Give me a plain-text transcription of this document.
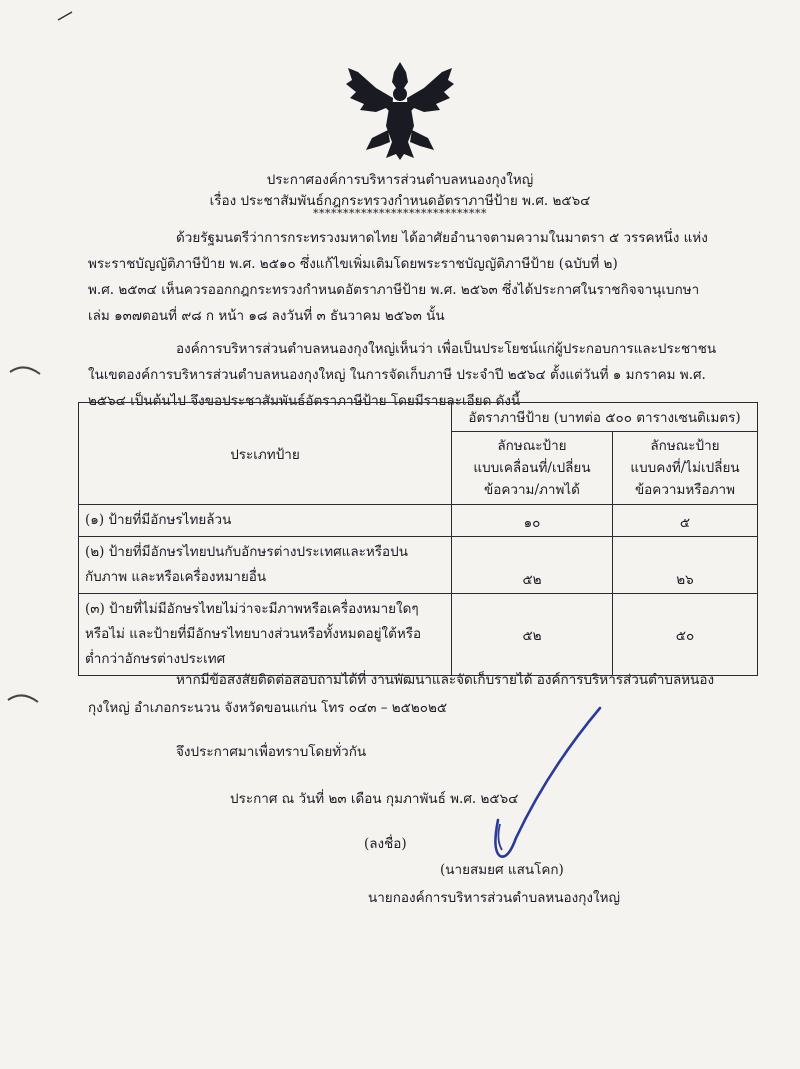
ประกาศองค์การบริหารส่วนตำบลหนองกุงใหญ่
เรื่อง ประชาสัมพันธ์กฎกระทรวงกำหนดอัตราภาษีป้าย พ.ศ. ๒๕๖๔
*****************************
ด้วยรัฐมนตรีว่าการกระทรวงมหาดไทย ได้อาศัยอำนาจตามความในมาตรา ๕ วรรคหนึ่ง แห่ง
พระราชบัญญัติภาษีป้าย พ.ศ. ๒๕๑๐ ซึ่งแก้ไขเพิ่มเติมโดยพระราชบัญญัติภาษีป้าย (ฉบับที่ ๒)
พ.ศ. ๒๕๓๔ เห็นควรออกกฎกระทรวงกำหนดอัตราภาษีป้าย พ.ศ. ๒๕๖๓ ซึ่งได้ประกาศในราชกิจจานุเบกษา
เล่ม ๑๓๗ตอนที่ ๙๘ ก หน้า ๑๘ ลงวันที่ ๓ ธันวาคม ๒๕๖๓ นั้น
องค์การบริหารส่วนตำบลหนองกุงใหญ่เห็นว่า เพื่อเป็นประโยชน์แก่ผู้ประกอบการและประชาชน
ในเขตองค์การบริหารส่วนตำบลหนองกุงใหญ่ ในการจัดเก็บภาษี ประจำปี ๒๕๖๔ ตั้งแต่วันที่ ๑ มกราคม พ.ศ.
๒๕๖๔ เป็นต้นไป จึงขอประชาสัมพันธ์อัตราภาษีป้าย โดยมีรายละเอียด ดังนี้
ประเภทป้าย	อัตราภาษีป้าย (บาทต่อ ๕๐๐ ตารางเซนติเมตร)	
	ลักษณะป้าย
แบบเคลื่อนที่/เปลี่ยน
ข้อความ/ภาพได้	ลักษณะป้าย
แบบคงที่/ไม่เปลี่ยน
ข้อความหรือภาพ
(๑) ป้ายที่มีอักษรไทยล้วน	๑๐	๕
(๒) ป้ายที่มีอักษรไทยปนกับอักษรต่างประเทศและหรือปน
กับภาพ และหรือเครื่องหมายอื่น	๕๒	๒๖
(๓) ป้ายที่ไม่มีอักษรไทยไม่ว่าจะมีภาพหรือเครื่องหมายใดๆ
หรือไม่ และป้ายที่มีอักษรไทยบางส่วนหรือทั้งหมดอยู่ใต้หรือ
ต่ำกว่าอักษรต่างประเทศ	๕๒	๕๐
หากมีข้อสงสัยติดต่อสอบถามได้ที่ งานพัฒนาและจัดเก็บรายได้ องค์การบริหารส่วนตำบลหนอง
กุงใหญ่ อำเภอกระนวน จังหวัดขอนแก่น โทร ๐๔๓ – ๒๕๒๐๒๕
จึงประกาศมาเพื่อทราบโดยทั่วกัน
ประกาศ ณ วันที่ ๒๓ เดือน กุมภาพันธ์ พ.ศ. ๒๕๖๔
(ลงชื่อ)
(นายสมยศ แสนโคก)
นายกองค์การบริหารส่วนตำบลหนองกุงใหญ่
